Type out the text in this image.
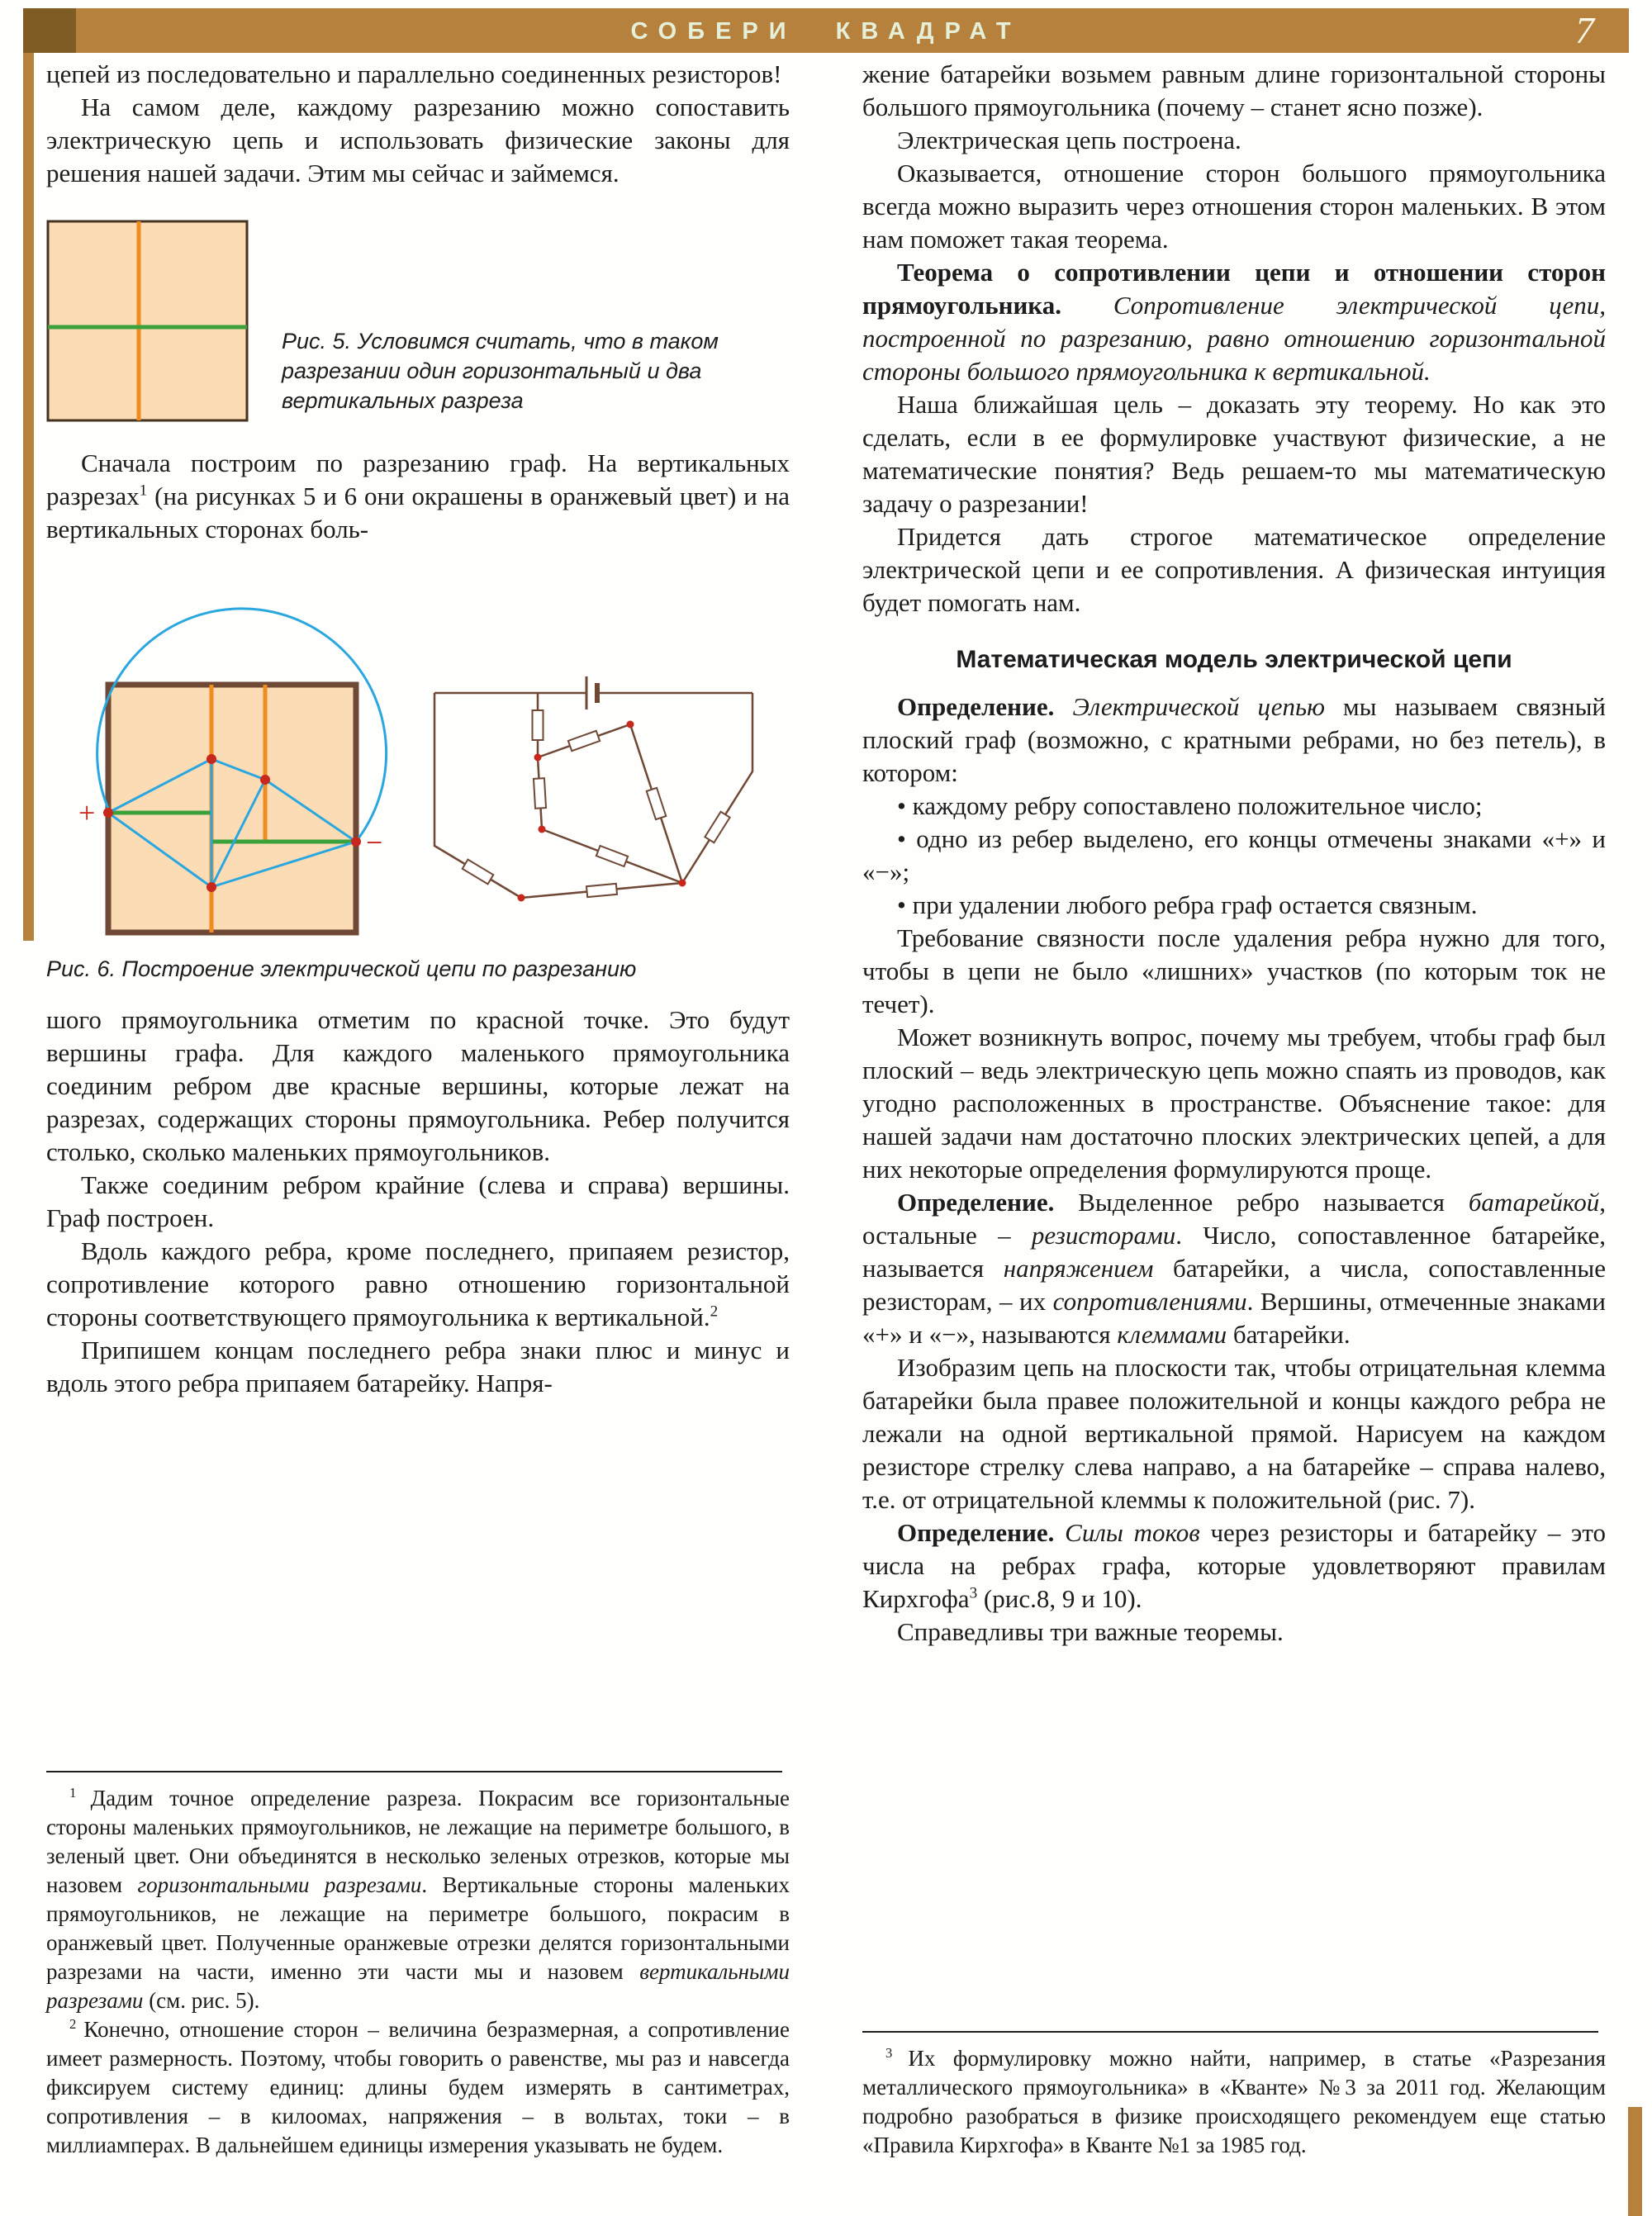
СОБЕРИ КВАДРАТ	7

цепей из последовательно и параллельно соединенных резисторов!

На самом деле, каждому разрезанию можно сопоставить электрическую цепь и использовать физические законы для решения нашей задачи. Этим мы сейчас и займемся.

Рис. 5. Условимся считать, что в таком разрезании один горизонтальный и два вертикальных разреза

Сначала построим по разрезанию граф. На вертикальных разрезах$^1$ (на рисунках 5 и 6 они окрашены в оранжевый цвет) и на вертикальных сторонах боль-

+
−
Рис. 6. Построение электрической цепи по разрезанию

шого прямоугольника отметим по красной точке. Это будут вершины графа. Для каждого маленького прямоугольника соединим ребром две красные вершины, которые лежат на разрезах, содержащих стороны прямоугольника. Ребер получится столько, сколько маленьких прямоугольников.

Также соединим ребром крайние (слева и справа) вершины. Граф построен.

Вдоль каждого ребра, кроме последнего, припаяем резистор, сопротивление которого равно отношению горизонтальной стороны соответствующего прямоугольника к вертикальной.$^2$

Припишем концам последнего ребра знаки плюс и минус и вдоль этого ребра припаяем батарейку. Напря-

$^1$ Дадим точное определение разреза. Покрасим все горизонтальные стороны маленьких прямоугольников, не лежащие на периметре большого, в зеленый цвет. Они объединятся в несколько зеленых отрезков, которые мы назовем горизонтальными разрезами. Вертикальные стороны маленьких прямоугольников, не лежащие на периметре большого, покрасим в оранжевый цвет. Полученные оранжевые отрезки делятся горизонтальными разрезами на части, именно эти части мы и назовем вертикальными разрезами (см. рис. 5).

$^2$ Конечно, отношение сторон – величина безразмерная, а сопротивление имеет размерность. Поэтому, чтобы говорить о равенстве, мы раз и навсегда фиксируем систему единиц: длины будем измерять в сантиметрах, сопротивления – в килоомах, напряжения – в вольтах, токи – в миллиамперах. В дальнейшем единицы измерения указывать не будем.

жение батарейки возьмем равным длине горизонтальной стороны большого прямоугольника (почему – станет ясно позже).

Электрическая цепь построена.

Оказывается, отношение сторон большого прямоугольника всегда можно выразить через отношения сторон маленьких. В этом нам поможет такая теорема.

Теорема о сопротивлении цепи и отношении сторон прямоугольника. Сопротивление электрической цепи, построенной по разрезанию, равно отношению горизонтальной стороны большого прямоугольника к вертикальной.

Наша ближайшая цель – доказать эту теорему. Но как это сделать, если в ее формулировке участвуют физические, а не математические понятия? Ведь решаем-то мы математическую задачу о разрезании!

Придется дать строгое математическое определение электрической цепи и ее сопротивления. А физическая интуиция будет помогать нам.

Математическая модель электрической цепи

Определение. Электрической цепью мы называем связный плоский граф (возможно, с кратными ребрами, но без петель), в котором:

• каждому ребру сопоставлено положительное число;

• одно из ребер выделено, его концы отмечены знаками «+» и «−»;

• при удалении любого ребра граф остается связным.

Требование связности после удаления ребра нужно для того, чтобы в цепи не было «лишних» участков (по которым ток не течет).

Может возникнуть вопрос, почему мы требуем, чтобы граф был плоский – ведь электрическую цепь можно спаять из проводов, как угодно расположенных в пространстве. Объяснение такое: для нашей задачи нам достаточно плоских электрических цепей, а для них некоторые определения формулируются проще.

Определение. Выделенное ребро называется батарейкой, остальные – резисторами. Число, сопоставленное батарейке, называется напряжением батарейки, а числа, сопоставленные резисторам, – их сопротивлениями. Вершины, отмеченные знаками «+» и «−», называются клеммами батарейки.

Изобразим цепь на плоскости так, чтобы отрицательная клемма батарейки была правее положительной и концы каждого ребра не лежали на одной вертикальной прямой. Нарисуем на каждом резисторе стрелку слева направо, а на батарейке – справа налево, т.е. от отрицательной клеммы к положительной (рис. 7).

Определение. Силы токов через резисторы и батарейку – это числа на ребрах графа, которые удовлетворяют правилам Кирхгофа$^3$ (рис.8, 9 и 10).

Справедливы три важные теоремы.

$^3$ Их формулировку можно найти, например, в статье «Разрезания металлического прямоугольника» в «Кванте» №3 за 2011 год. Желающим подробно разобраться в физике происходящего рекомендуем еще статью «Правила Кирхгофа» в Кванте №1 за 1985 год.
